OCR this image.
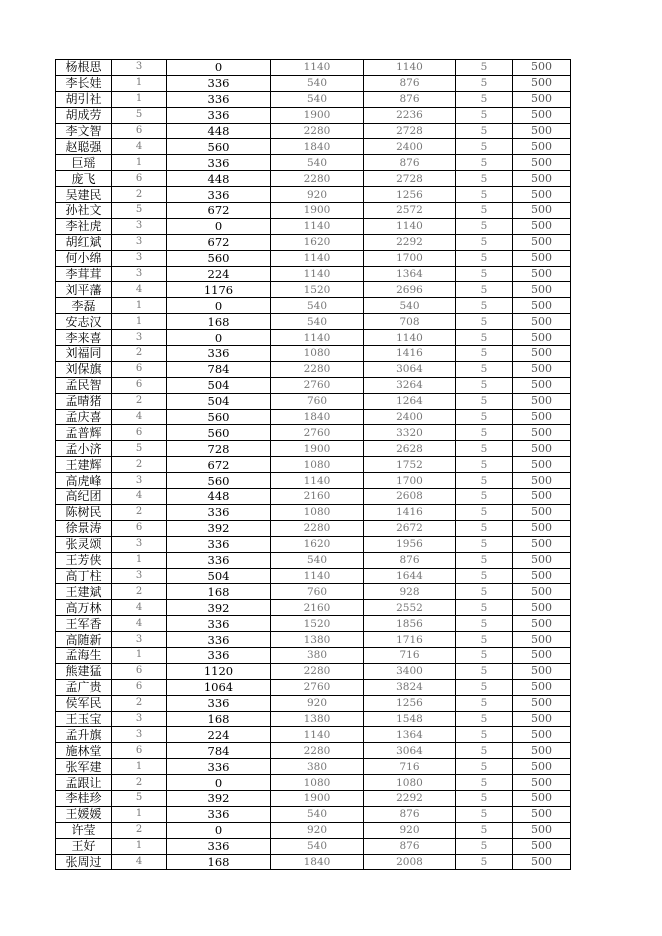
杨根思	3	0	1140	1140	5	500
李长娃	1	336	540	876	5	500
胡引社	1	336	540	876	5	500
胡成劳	5	336	1900	2236	5	500
李文智	6	448	2280	2728	5	500
赵聪强	4	560	1840	2400	5	500
巨瑶	1	336	540	876	5	500
庞飞	6	448	2280	2728	5	500
吴建民	2	336	920	1256	5	500
孙社文	5	672	1900	2572	5	500
李社虎	3	0	1140	1140	5	500
胡红斌	3	672	1620	2292	5	500
何小绵	3	560	1140	1700	5	500
李茸茸	3	224	1140	1364	5	500
刘平藩	4	1176	1520	2696	5	500
李磊	1	0	540	540	5	500
安志汉	1	168	540	708	5	500
李来喜	3	0	1140	1140	5	500
刘福同	2	336	1080	1416	5	500
刘保旗	6	784	2280	3064	5	500
孟民智	6	504	2760	3264	5	500
孟晴猪	2	504	760	1264	5	500
孟庆喜	4	560	1840	2400	5	500
孟普辉	6	560	2760	3320	5	500
孟小济	5	728	1900	2628	5	500
王建辉	2	672	1080	1752	5	500
高虎峰	3	560	1140	1700	5	500
高纪团	4	448	2160	2608	5	500
陈树民	2	336	1080	1416	5	500
徐景涛	6	392	2280	2672	5	500
张灵颂	3	336	1620	1956	5	500
王芳侠	1	336	540	876	5	500
高丁柱	3	504	1140	1644	5	500
王建斌	2	168	760	928	5	500
高万林	4	392	2160	2552	5	500
王军香	4	336	1520	1856	5	500
高随新	3	336	1380	1716	5	500
孟海生	1	336	380	716	5	500
熊建猛	6	1120	2280	3400	5	500
孟广贵	6	1064	2760	3824	5	500
侯军民	2	336	920	1256	5	500
王玉宝	3	168	1380	1548	5	500
孟升旗	3	224	1140	1364	5	500
施林堂	6	784	2280	3064	5	500
张军建	1	336	380	716	5	500
孟跟让	2	0	1080	1080	5	500
李桂珍	5	392	1900	2292	5	500
王媛媛	1	336	540	876	5	500
许莹	2	0	920	920	5	500
王好	1	336	540	876	5	500
张周过	4	168	1840	2008	5	500
